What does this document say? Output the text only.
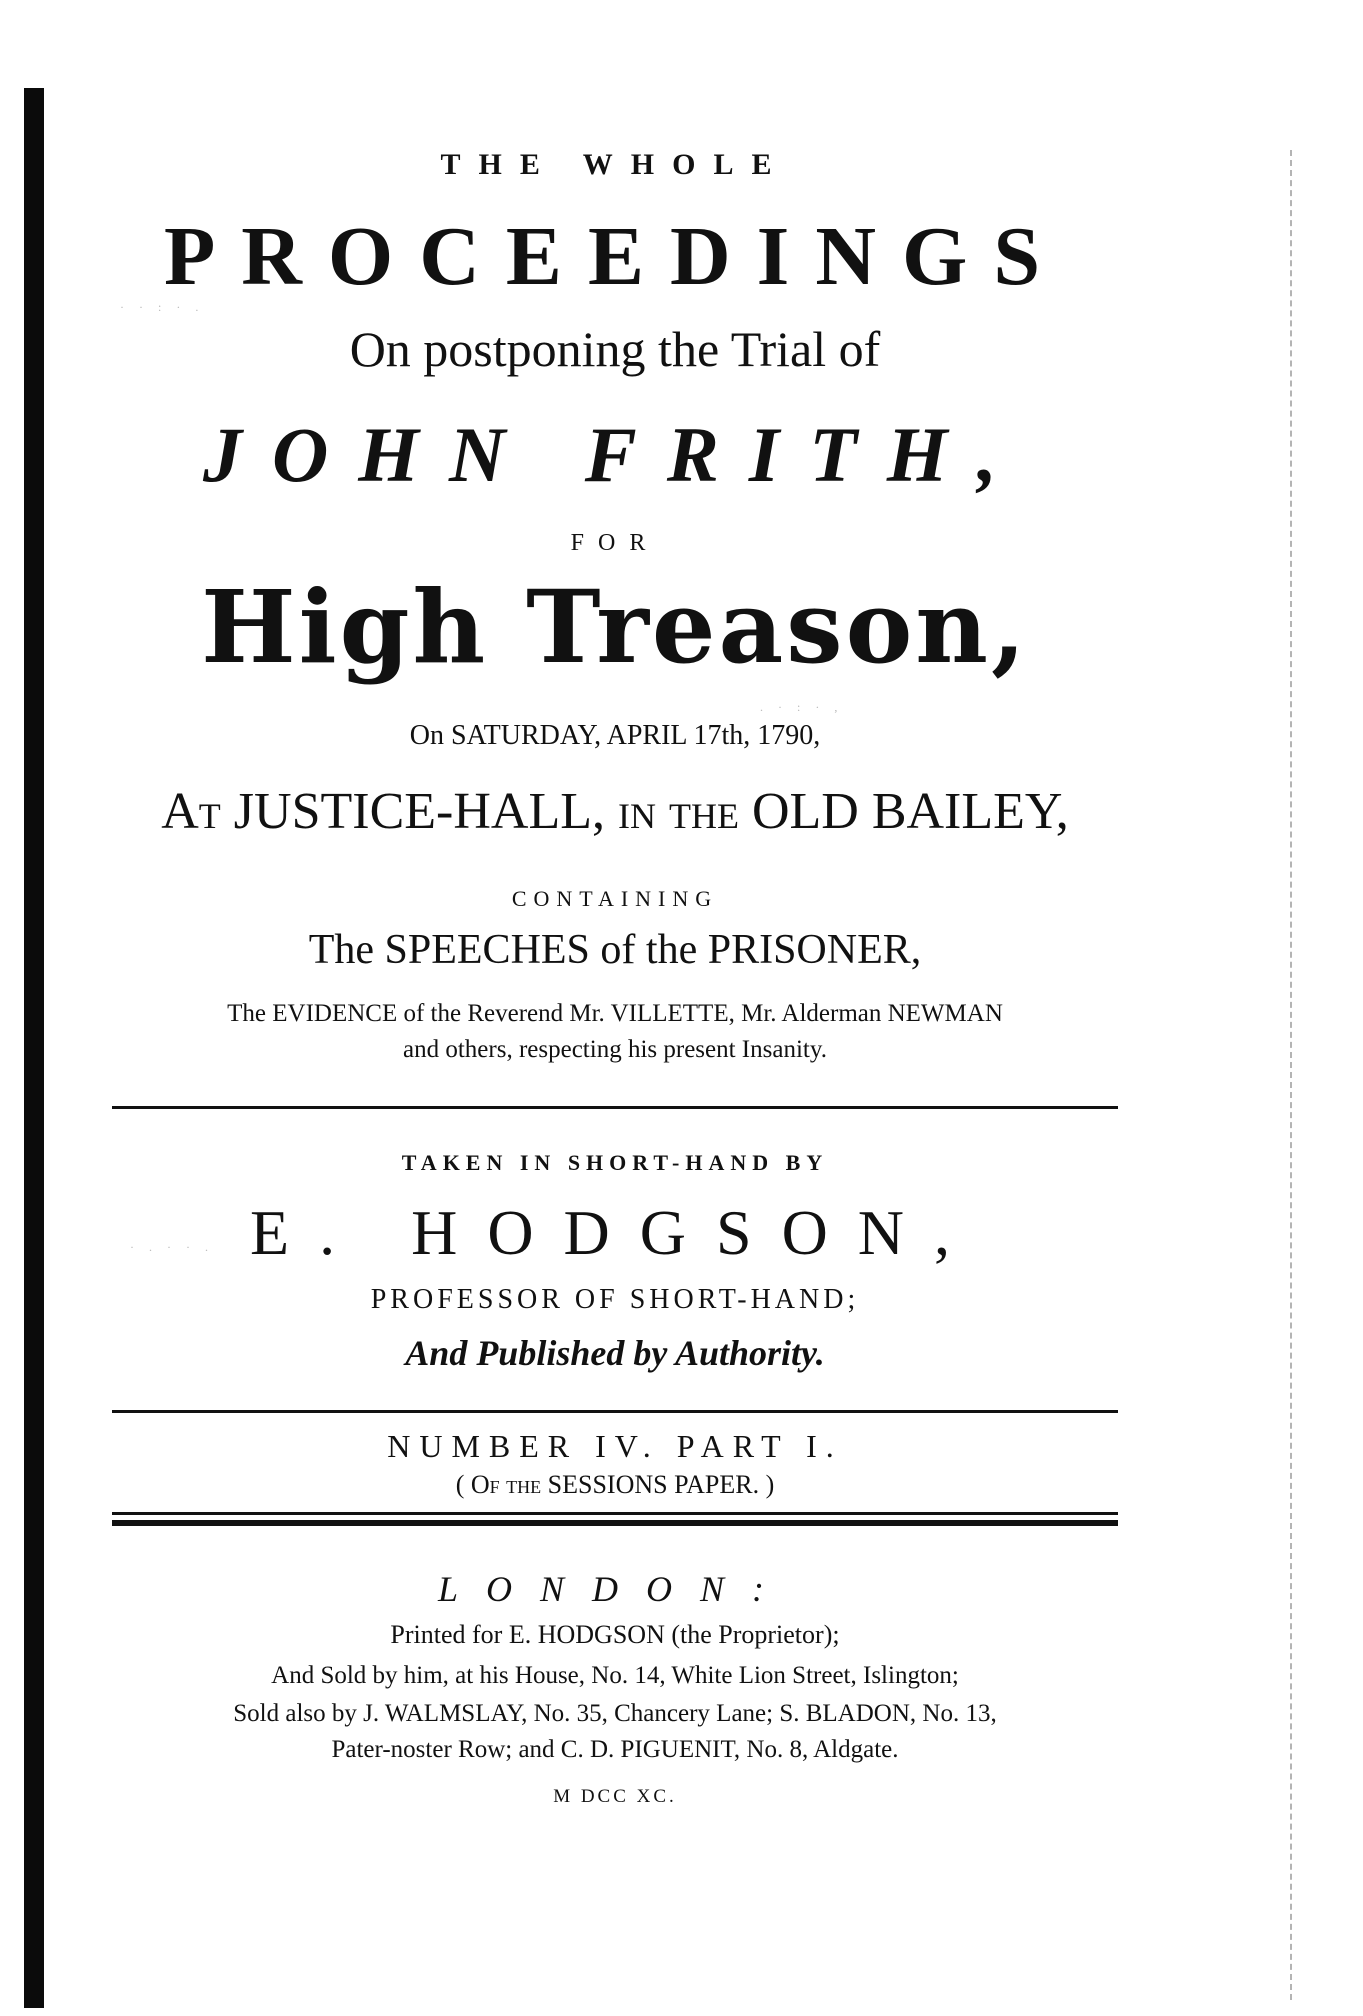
· · : · .
. · : · ,
· . · · .
THE WHOLE
PROCEEDINGS
On postponing the Trial of
JOHN FRITH,
FOR
High Treason,
On SATURDAY, APRIL 17th, 1790,
At JUSTICE-HALL, in the OLD BAILEY,
CONTAINING
The SPEECHES of the PRISONER,
The EVIDENCE of the Reverend Mr. VILLETTE, Mr. Alderman NEWMAN
and others, respecting his present Insanity.
TAKEN IN SHORT-HAND BY
E. HODGSON,
PROFESSOR OF SHORT-HAND;
And Published by Authority.
NUMBER IV. PART I.
( Of the SESSIONS PAPER. )
LONDON:
Printed for E. HODGSON (the Proprietor);
And Sold by him, at his House, No. 14, White Lion Street, Islington;
Sold also by J. WALMSLAY, No. 35, Chancery Lane; S. BLADON, No. 13,
Pater-noster Row; and C. D. PIGUENIT, No. 8, Aldgate.
M DCC XC.
